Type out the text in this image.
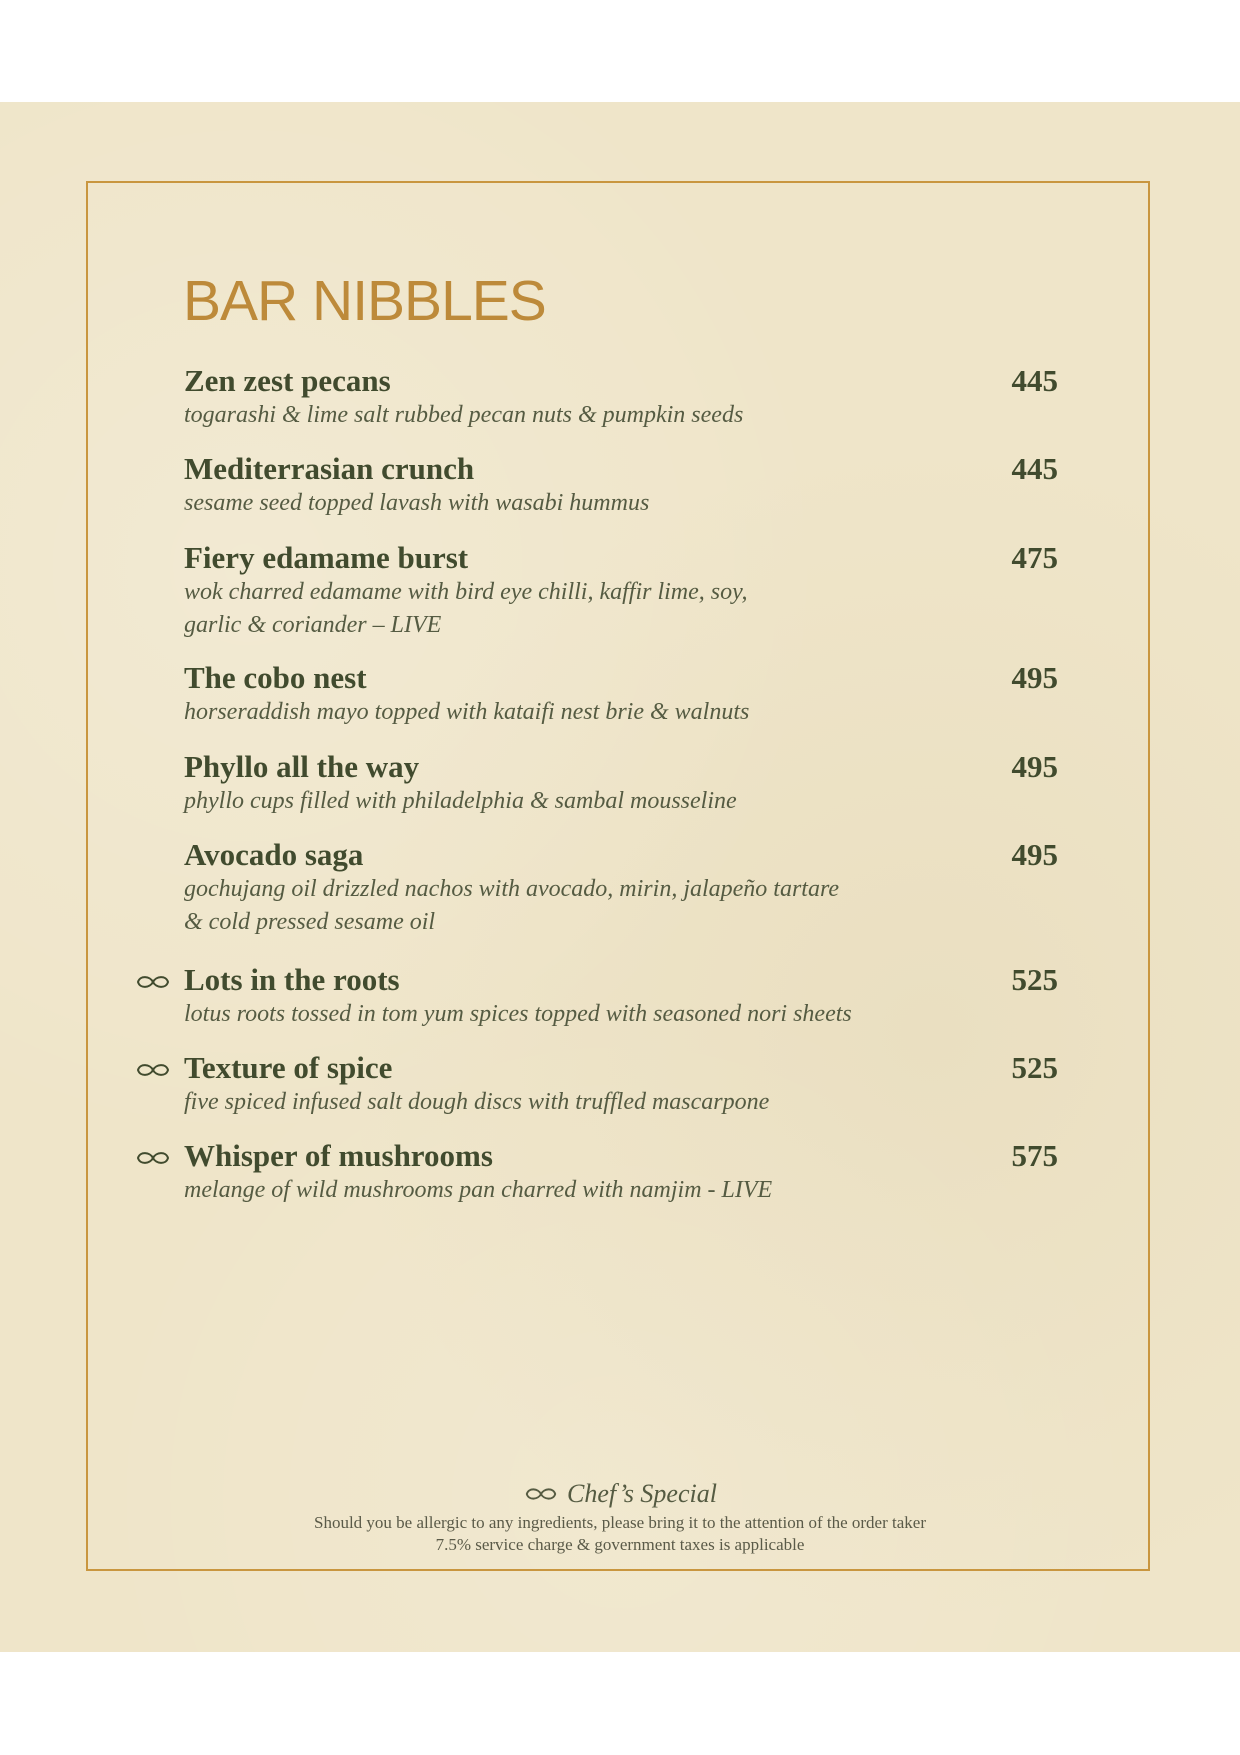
BAR NIBBLES
Zen zest pecans	445
togarashi & lime salt rubbed pecan nuts & pumpkin seeds
Mediterrasian crunch	445
sesame seed topped lavash with wasabi hummus
Fiery edamame burst	475
wok charred edamame with bird eye chilli, kaffir lime, soy,
garlic & coriander – LIVE
The cobo nest	495
horseraddish mayo topped with kataifi nest brie & walnuts
Phyllo all the way	495
phyllo cups filled with philadelphia & sambal mousseline
Avocado saga	495
gochujang oil drizzled nachos with avocado, mirin, jalapeño tartare
& cold pressed sesame oil
Lots in the roots	525
lotus roots tossed in tom yum spices topped with seasoned nori sheets
Texture of spice	525
five spiced infused salt dough discs with truffled mascarpone
Whisper of mushrooms	575
melange of wild mushrooms pan charred with namjim - LIVE
Chef’s Special
Should you be allergic to any ingredients, please bring it to the attention of the order taker
7.5% service charge & government taxes is applicable
